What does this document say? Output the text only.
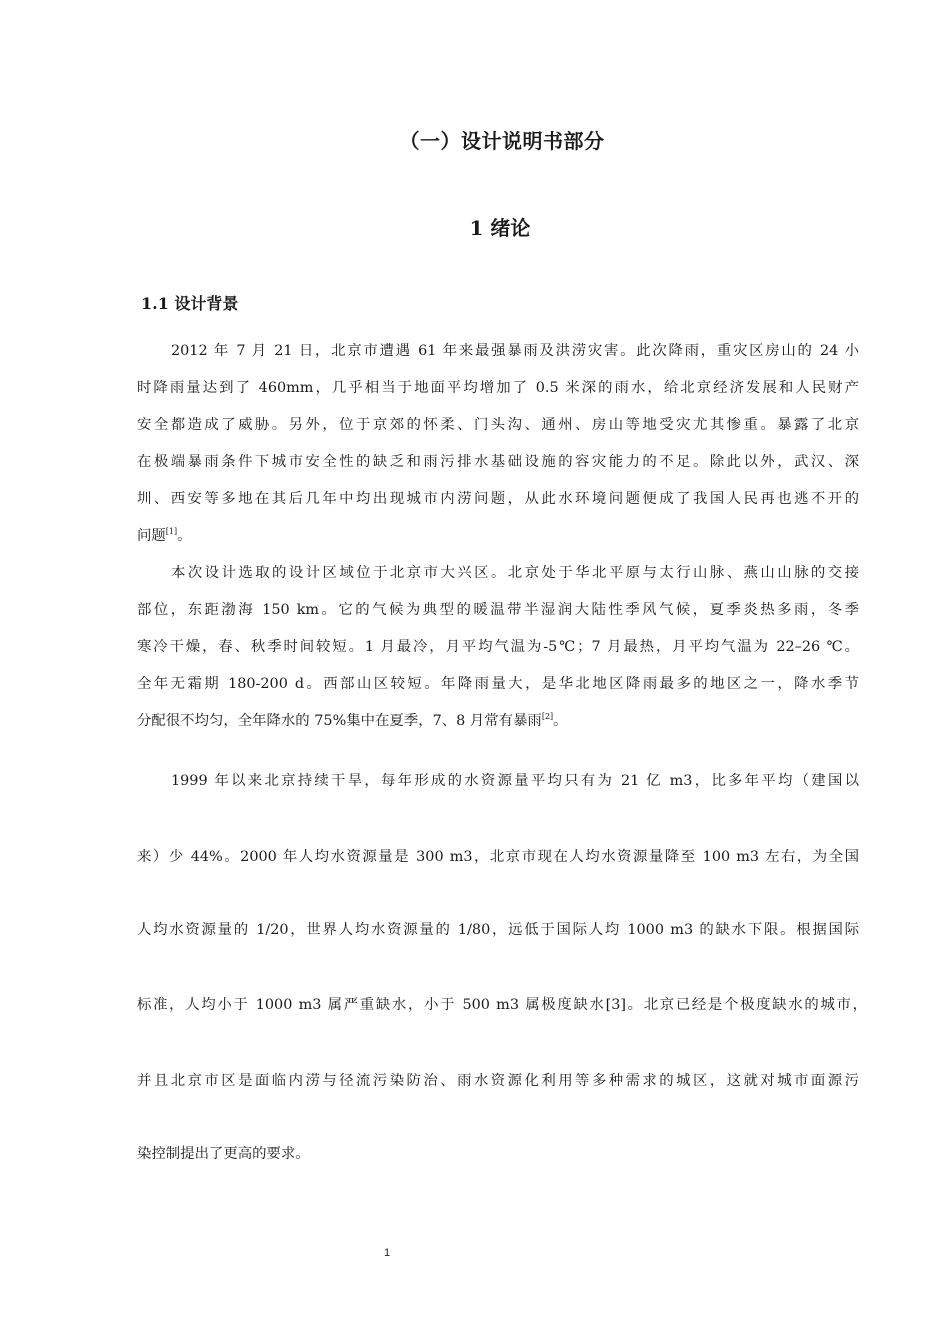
（一）设计说明书部分
1 绪论
1.1 设计背景
2012 年 7 月 21 日，北京市遭遇 61 年来最强暴雨及洪涝灾害。此次降雨，重灾区房山的 24 小
时降雨量达到了 460mm，几乎相当于地面平均增加了 0.5 米深的雨水，给北京经济发展和人民财产
安全都造成了威胁。另外，位于京郊的怀柔、门头沟、通州、房山等地受灾尤其惨重。暴露了北京
在极端暴雨条件下城市安全性的缺乏和雨污排水基础设施的容灾能力的不足。除此以外，武汉、深
圳、西安等多地在其后几年中均出现城市内涝问题，从此水环境问题便成了我国人民再也逃不开的
问题[1]。
本次设计选取的设计区域位于北京市大兴区。北京处于华北平原与太行山脉、燕山山脉的交接
部位，东距渤海 150 km。它的气候为典型的暖温带半湿润大陆性季风气候，夏季炎热多雨，冬季
寒冷干燥，春、秋季时间较短。1 月最冷，月平均气温为-5℃；7 月最热，月平均气温为 22–26 ℃。
全年无霜期 180-200 d。西部山区较短。年降雨量大，是华北地区降雨最多的地区之一，降水季节
分配很不均匀，全年降水的 75%集中在夏季，7、8 月常有暴雨[2]。
1999 年以来北京持续干旱，每年形成的水资源量平均只有为 21 亿 m3，比多年平均（建国以
来）少 44%。2000 年人均水资源量是 300 m3，北京市现在人均水资源量降至 100 m3 左右，为全国
人均水资源量的 1/20，世界人均水资源量的 1/80，远低于国际人均 1000 m3 的缺水下限。根据国际
标准，人均小于 1000 m3 属严重缺水，小于 500 m3 属极度缺水[3]。北京已经是个极度缺水的城市，
并且北京市区是面临内涝与径流污染防治、雨水资源化利用等多种需求的城区，这就对城市面源污
染控制提出了更高的要求。
1
